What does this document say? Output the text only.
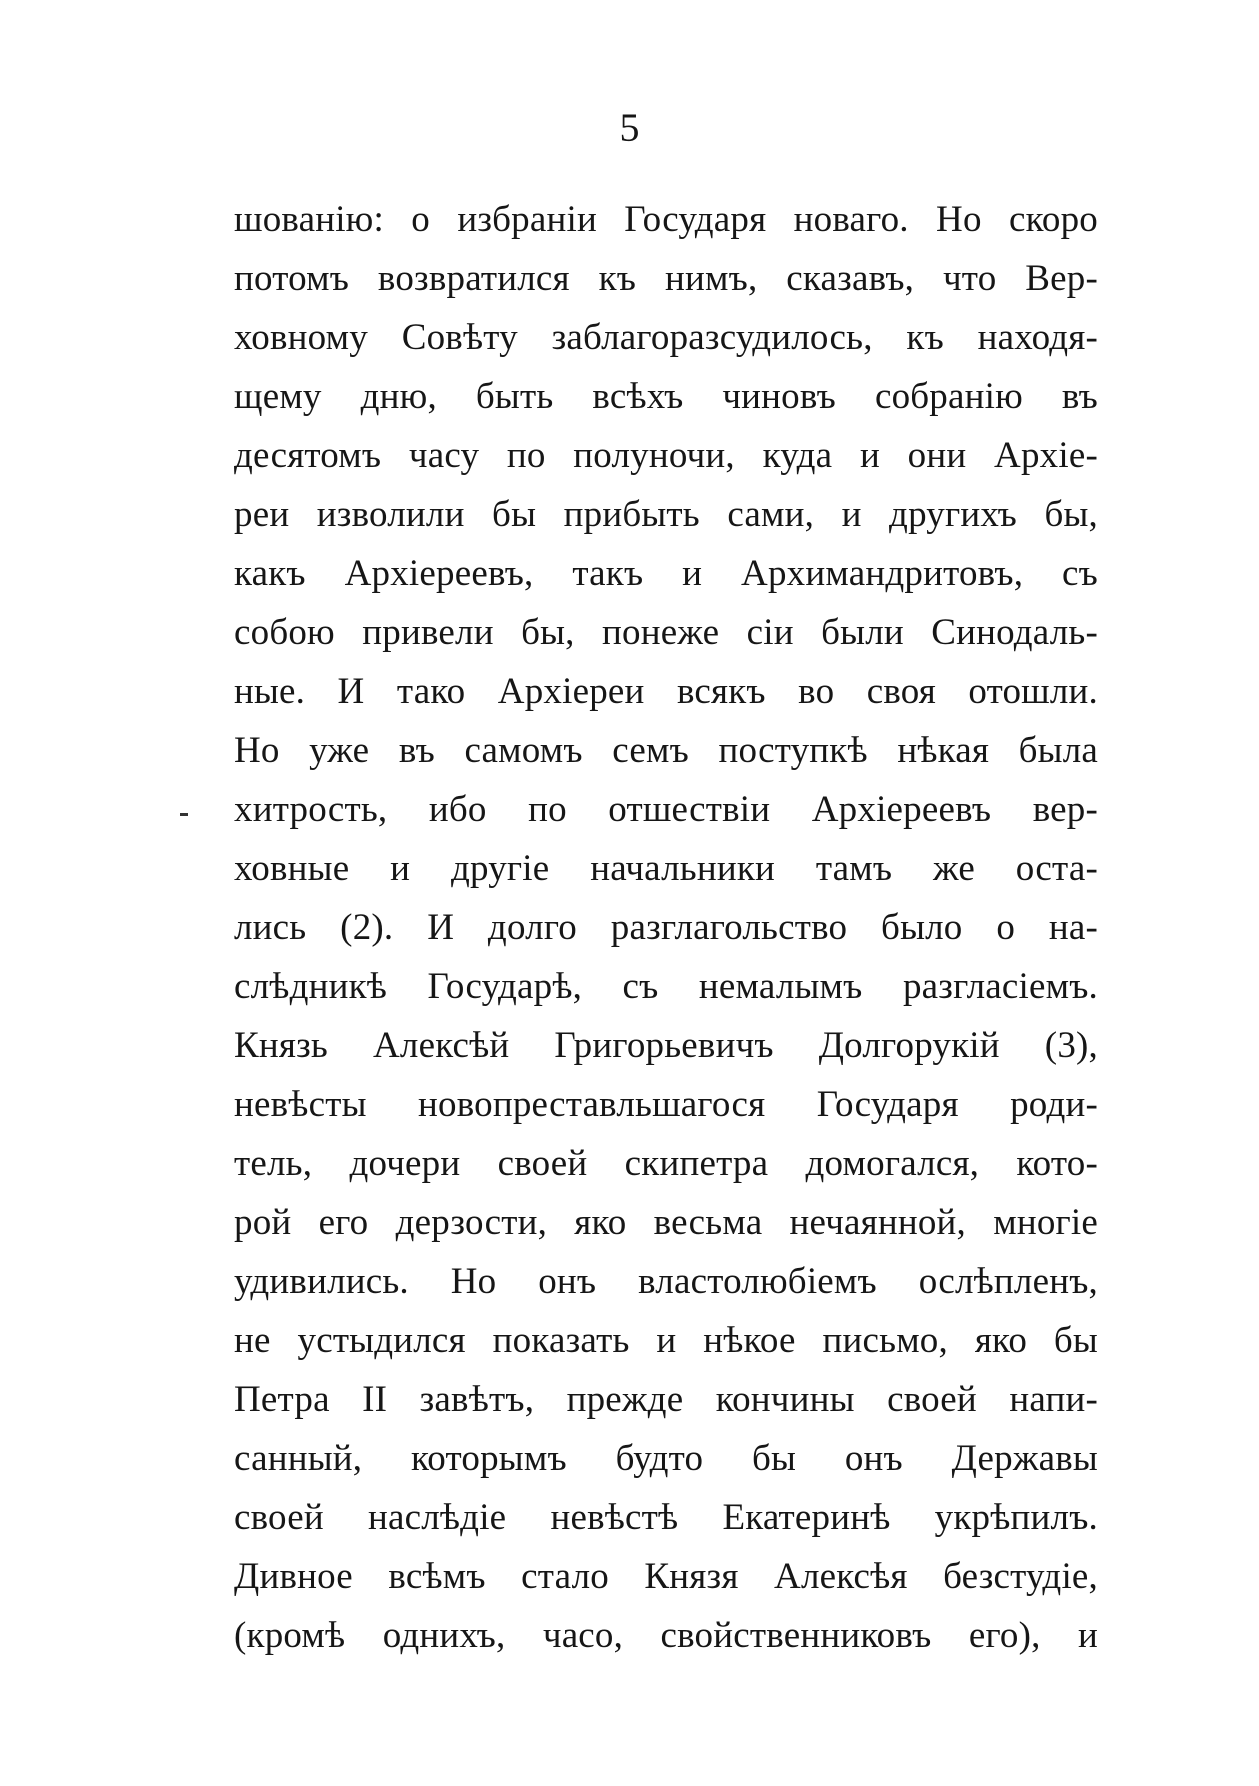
5
шованію: о избраніи Государя новаго. Но скоро
потомъ возвратился къ нимъ, сказавъ, что Вер-
ховному Совѣту заблагоразсудилось, къ находя-
щему дню, быть всѣхъ чиновъ собранію въ
десятомъ часу по полуночи, куда и они Архіе-
реи изволили бы прибыть сами, и другихъ бы,
какъ Архіереевъ, такъ и Архимандритовъ, съ
собою привели бы, понеже сіи были Синодаль-
ные. И тако Архіереи всякъ во своя отошли.
Но уже въ самомъ семъ поступкѣ нѣкая была
хитрость, ибо по отшествіи Архіереевъ вер-
ховные и другіе начальники тамъ же оста-
лись (2). И долго разглагольство было о на-
слѣдникѣ Государѣ, съ немалымъ разгласіемъ.
Князь Алексѣй Григорьевичъ Долгорукій (3),
невѣсты новопреставльшагося Государя роди-
тель, дочери своей скипетра домогался, кото-
рой его дерзости, яко весьма нечаянной, многіе
удивились. Но онъ властолюбіемъ ослѣпленъ,
не устыдился показать и нѣкое письмо, яко бы
Петра II завѣтъ, прежде кончины своей напи-
санный, которымъ будто бы онъ Державы
своей наслѣдіе невѣстѣ Екатеринѣ укрѣпилъ.
Дивное всѣмъ стало Князя Алексѣя безстудіе,
(кромѣ однихъ, часо, свойственниковъ его), и
